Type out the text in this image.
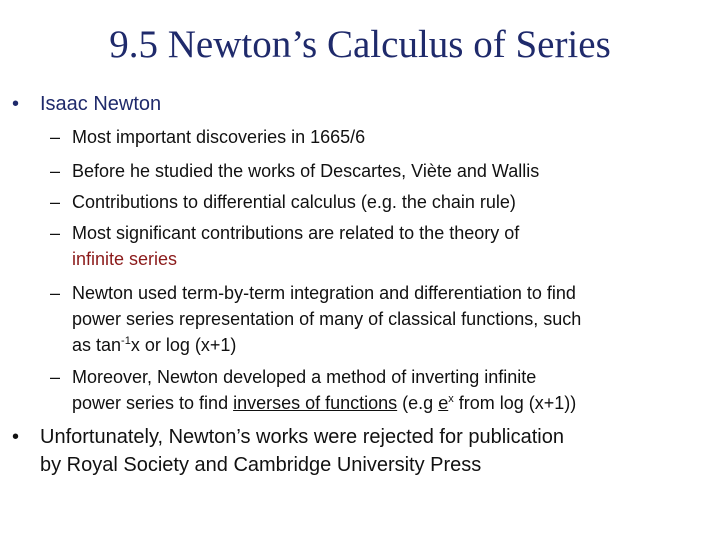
9.5 Newton’s Calculus of Series
• Isaac Newton
– Most important discoveries in 1665/6
– Before he studied the works of Descartes, Viète and Wallis
– Contributions to differential calculus (e.g. the chain rule)
– Most significant contributions are related to the theory of
infinite series
– Newton used term-by-term integration and differentiation to find
power series representation of many of classical functions, such
as $\tan^{-1}x$ or log (x+1)
– Moreover, Newton developed a method of inverting infinite
power series to find inverses of functions (e.g $e^x$ from log (x+1))
• Unfortunately, Newton’s works were rejected for publication
by Royal Society and Cambridge University Press
